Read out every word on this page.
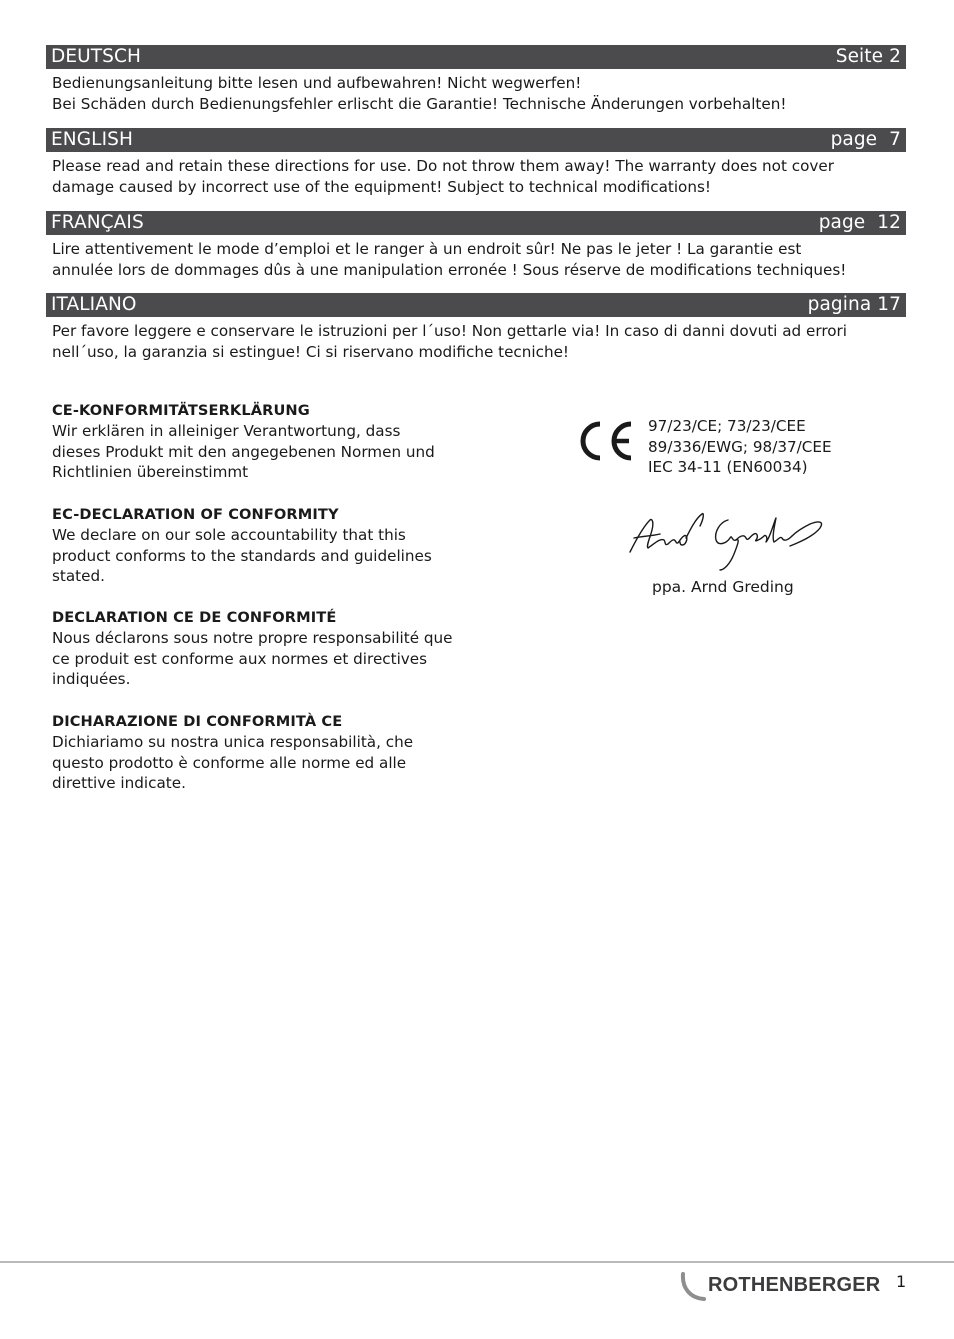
DEUTSCH	Seite 2

Bedienungsanleitung bitte lesen und aufbewahren! Nicht wegwerfen!

Bei Schäden durch Bedienungsfehler erlischt die Garantie! Technische Änderungen vorbehalten!

ENGLISH	page  7

Please read and retain these directions for use. Do not throw them away! The warranty does not cover

damage caused by incorrect use of the equipment! Subject to technical modifications!

FRANÇAIS	page  12

Lire attentivement le mode d’emploi et le ranger à un endroit sûr! Ne pas le jeter ! La garantie est

annulée lors de dommages dûs à une manipulation erronée ! Sous réserve de modifications techniques!

ITALIANO	pagina 17

Per favore leggere e conservare le istruzioni per l´uso! Non gettarle via! In caso di danni dovuti ad errori

nell´uso, la garanzia si estingue! Ci si riservano modifiche tecniche!

CE-KONFORMITÄTSERKLÄRUNG

Wir erklären in alleiniger Verantwortung, dass

dieses Produkt mit den angegebenen Normen und

Richtlinien übereinstimmt

EC-DECLARATION OF CONFORMITY

We declare on our sole accountability that this

product conforms to the standards and guidelines

stated.

DECLARATION CE DE CONFORMITÉ

Nous déclarons sous notre propre responsabilité que

ce produit est conforme aux normes et directives

indiquées.

DICHARAZIONE DI CONFORMITÀ CE

Dichiariamo su nostra unica responsabilità, che

questo prodotto è conforme alle norme ed alle

direttive indicate.

97/23/CE; 73/23/CEE
89/336/EWG; 98/37/CEE
IEC 34-11 (EN60034)
ppa. Arnd Greding
ROTHENBERGER 1
